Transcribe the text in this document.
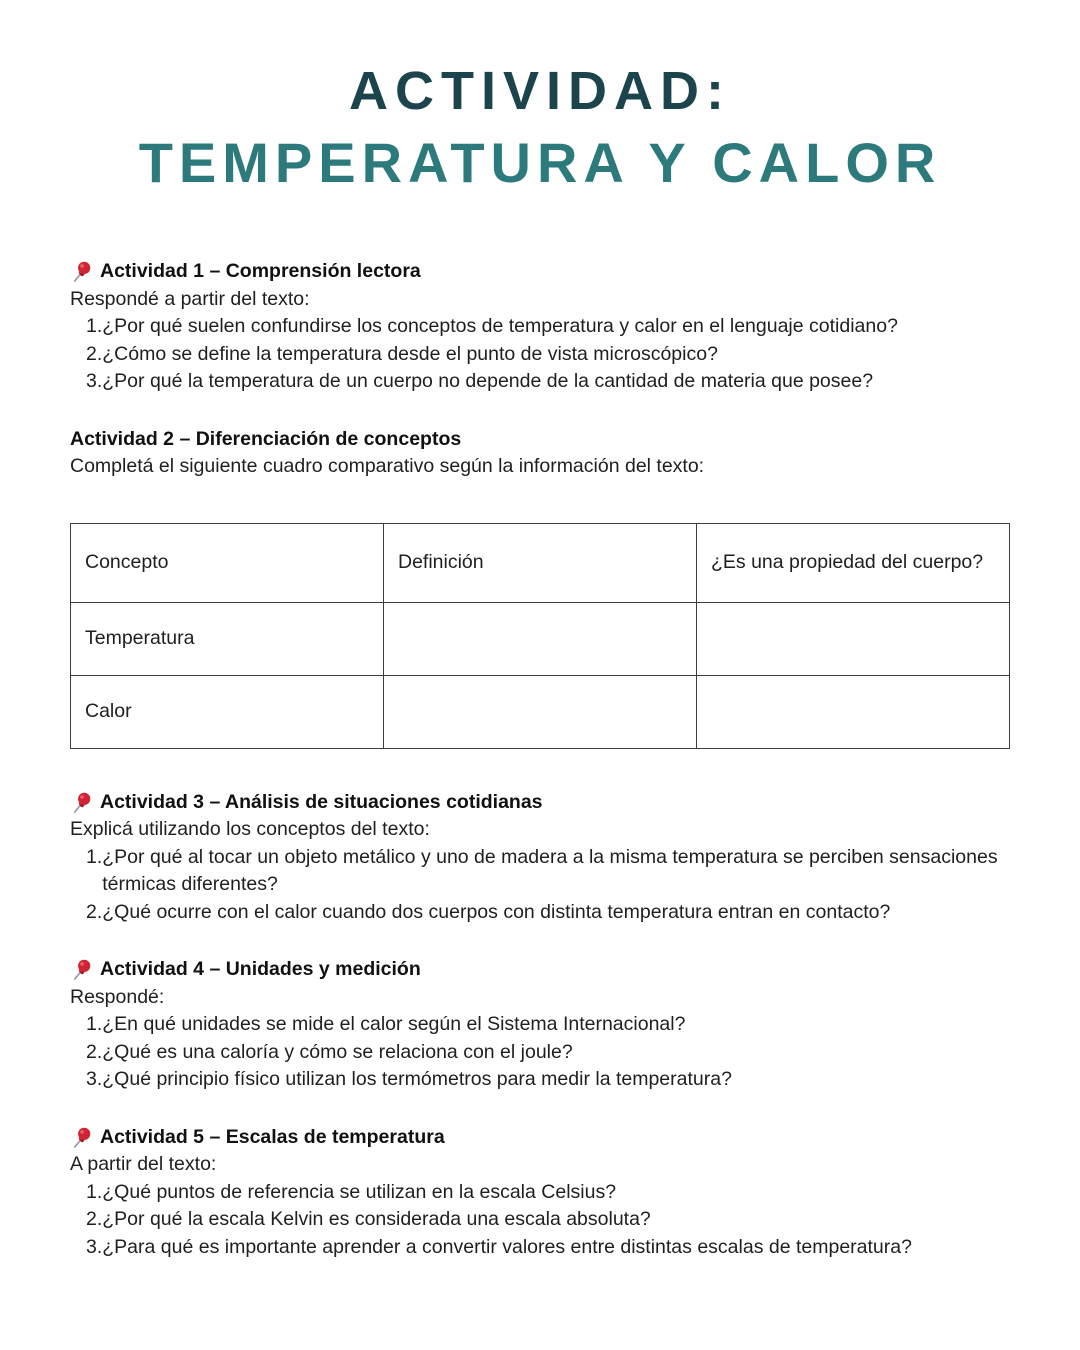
ACTIVIDAD:
TEMPERATURA Y CALOR
Actividad 1 – Comprensión lectora
Respondé a partir del texto:
1. ¿Por qué suelen confundirse los conceptos de temperatura y calor en el lenguaje cotidiano?
2. ¿Cómo se define la temperatura desde el punto de vista microscópico?
3. ¿Por qué la temperatura de un cuerpo no depende de la cantidad de materia que posee?
Actividad 2 – Diferenciación de conceptos
Completá el siguiente cuadro comparativo según la información del texto:
Concepto	Definición	¿Es una propiedad del cuerpo?
Temperatura		
Calor		
Actividad 3 – Análisis de situaciones cotidianas
Explicá utilizando los conceptos del texto:
1. ¿Por qué al tocar un objeto metálico y uno de madera a la misma temperatura se perciben sensaciones térmicas diferentes?
2. ¿Qué ocurre con el calor cuando dos cuerpos con distinta temperatura entran en contacto?
Actividad 4 – Unidades y medición
Respondé:
1. ¿En qué unidades se mide el calor según el Sistema Internacional?
2. ¿Qué es una caloría y cómo se relaciona con el joule?
3. ¿Qué principio físico utilizan los termómetros para medir la temperatura?
Actividad 5 – Escalas de temperatura
A partir del texto:
1. ¿Qué puntos de referencia se utilizan en la escala Celsius?
2. ¿Por qué la escala Kelvin es considerada una escala absoluta?
3. ¿Para qué es importante aprender a convertir valores entre distintas escalas de temperatura?
